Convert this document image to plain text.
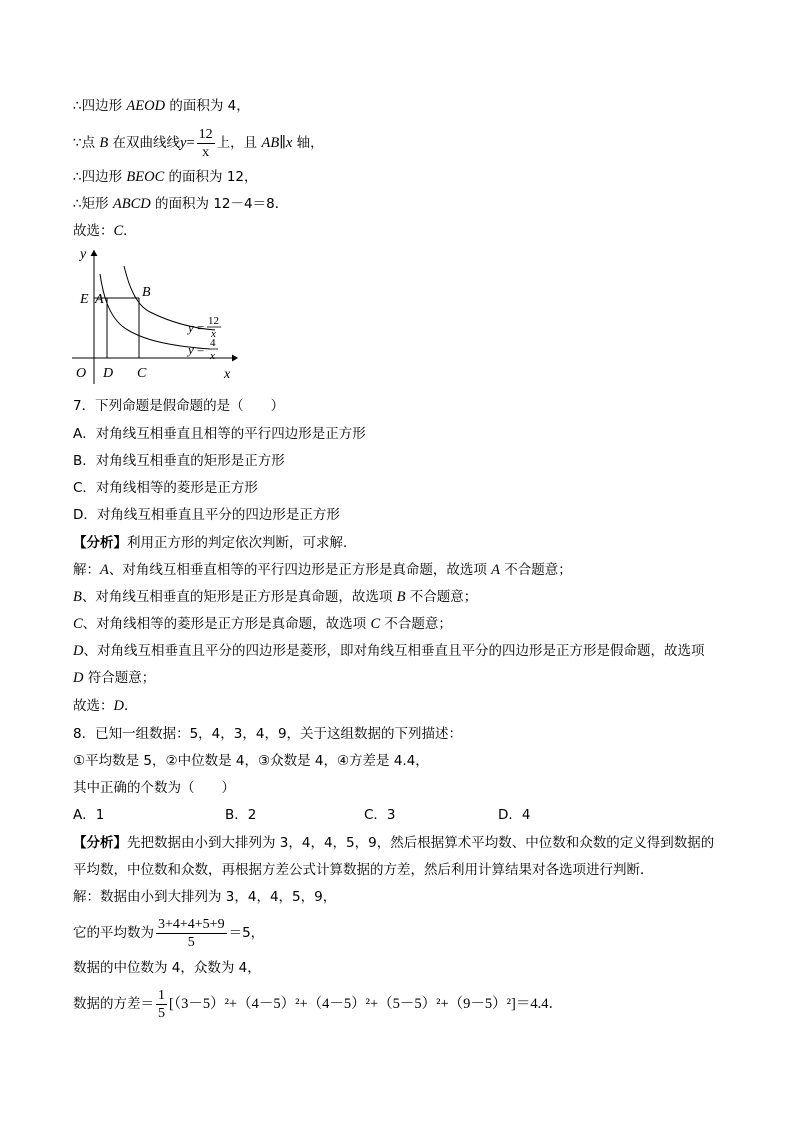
∴四边形 AEOD 的面积为 4，
∵点 B 在双曲线线$y= \frac{12}{x}$ 上，且 AB∥x 轴，
∴四边形 BEOC 的面积为 12，
∴矩形 ABCD 的面积为 12－4＝8．
故选：C．
y
x
O D C
E A	B
y = 12
x
y = 4
x
7．下列命题是假命题的是（　　）
A．对角线互相垂直且相等的平行四边形是正方形
B．对角线互相垂直的矩形是正方形
C．对角线相等的菱形是正方形
D．对角线互相垂直且平分的四边形是正方形
【分析】利用正方形的判定依次判断，可求解．
解：A、对角线互相垂直相等的平行四边形是正方形是真命题，故选项 A 不合题意；
B、对角线互相垂直的矩形是正方形是真命题，故选项 B 不合题意；
C、对角线相等的菱形是正方形是真命题，故选项 C 不合题意；
D、对角线互相垂直且平分的四边形是菱形，即对角线互相垂直且平分的四边形是正方形是假命题，故选项
D 符合题意；
故选：D．
8．已知一组数据：5，4，3，4，9，关于这组数据的下列描述：
①平均数是 5，②中位数是 4，③众数是 4，④方差是 4.4，
其中正确的个数为（　　）
A．1	B．2	C．3	D．4
【分析】先把数据由小到大排列为 3，4，4，5，9，然后根据算术平均数、中位数和众数的定义得到数据的
平均数，中位数和众数，再根据方差公式计算数据的方差，然后利用计算结果对各选项进行判断．
解：数据由小到大排列为 3，4，4，5，9，
它的平均数为 $\frac{3+4+4+5+9}{5} =5$，
数据的中位数为 4，众数为 4，
数据的方差＝ $\frac{1}{5} [(3-5)^2+(4-5)^2+(4-5)^2+(5-5)^2+(9-5)^2]=4.4$．
